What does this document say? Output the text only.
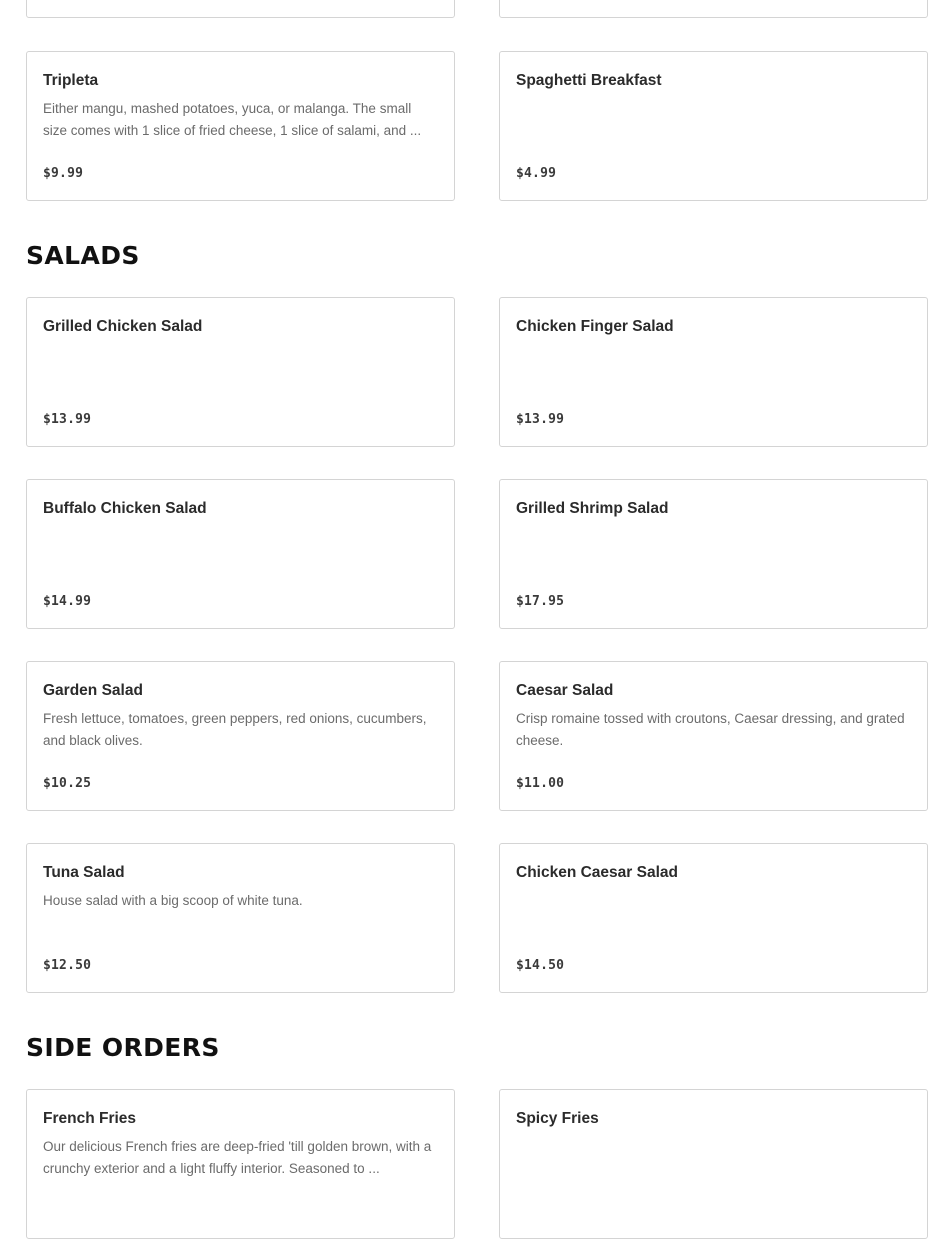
Tripleta
Either mangu, mashed potatoes, yuca, or malanga. The small size comes with 1 slice of fried cheese, 1 slice of salami, and ...
$9.99
Spaghetti Breakfast
$4.99
SALADS
Grilled Chicken Salad
$13.99
Chicken Finger Salad
$13.99
Buffalo Chicken Salad
$14.99
Grilled Shrimp Salad
$17.95
Garden Salad
Fresh lettuce, tomatoes, green peppers, red onions, cucumbers, and black olives.
$10.25
Caesar Salad
Crisp romaine tossed with croutons, Caesar dressing, and grated cheese.
$11.00
Tuna Salad
House salad with a big scoop of white tuna.
$12.50
Chicken Caesar Salad
$14.50
SIDE ORDERS
French Fries
Our delicious French fries are deep-fried 'till golden brown, with a crunchy exterior and a light fluffy interior. Seasoned to ...
Spicy Fries
